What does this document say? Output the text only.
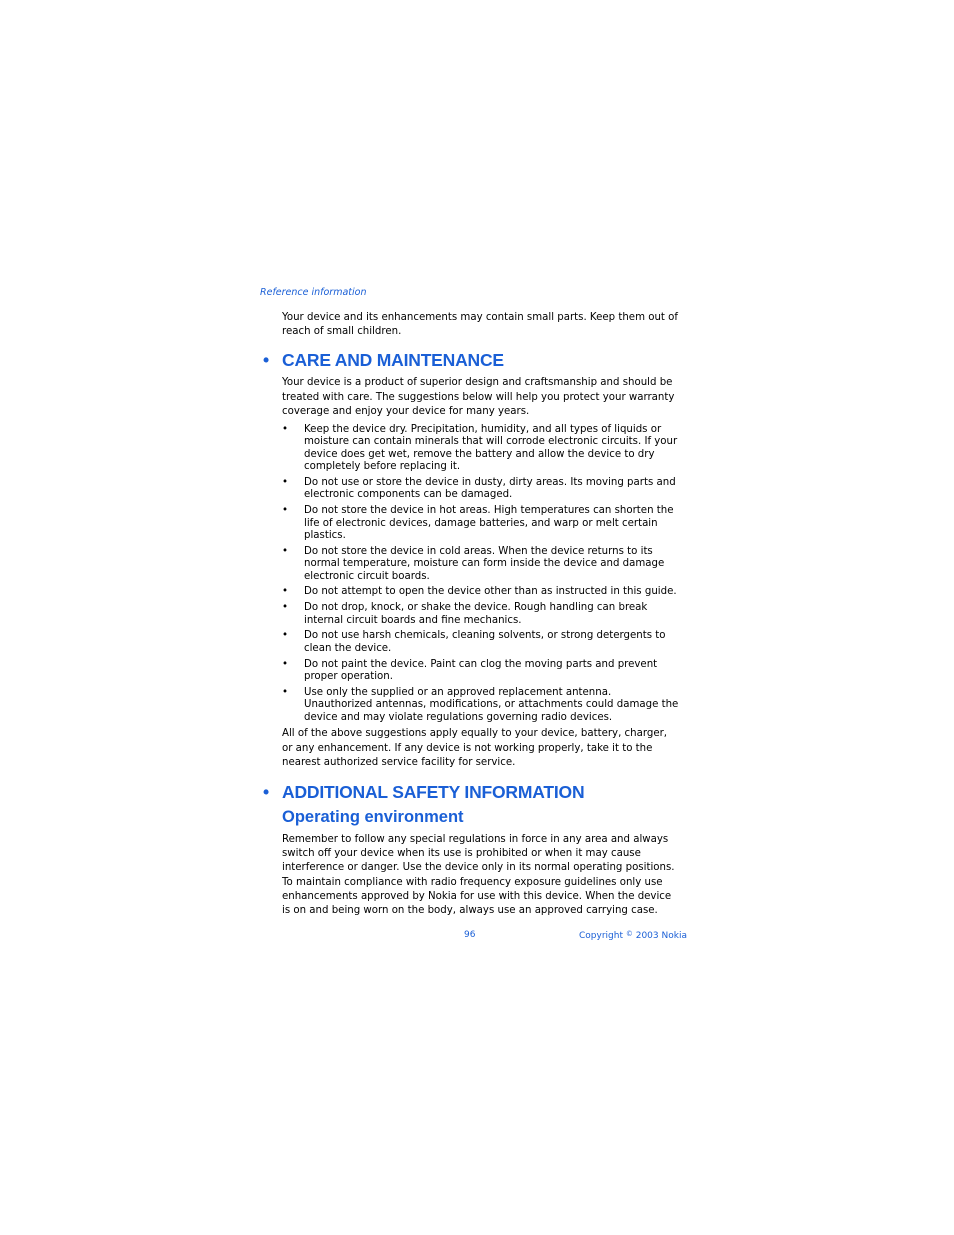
Reference information

Your device and its enhancements may contain small parts. Keep them out of reach of small children.

• CARE AND MAINTENANCE

Your device is a product of superior design and craftsmanship and should be treated with care. The suggestions below will help you protect your warranty coverage and enjoy your device for many years.

• Keep the device dry. Precipitation, humidity, and all types of liquids or moisture can contain minerals that will corrode electronic circuits. If your device does get wet, remove the battery and allow the device to dry completely before replacing it.
• Do not use or store the device in dusty, dirty areas. Its moving parts and electronic components can be damaged.
• Do not store the device in hot areas. High temperatures can shorten the life of electronic devices, damage batteries, and warp or melt certain plastics.
• Do not store the device in cold areas. When the device returns to its normal temperature, moisture can form inside the device and damage electronic circuit boards.
• Do not attempt to open the device other than as instructed in this guide.
• Do not drop, knock, or shake the device. Rough handling can break internal circuit boards and fine mechanics.
• Do not use harsh chemicals, cleaning solvents, or strong detergents to clean the device.
• Do not paint the device. Paint can clog the moving parts and prevent proper operation.
• Use only the supplied or an approved replacement antenna. Unauthorized antennas, modifications, or attachments could damage the device and may violate regulations governing radio devices.

All of the above suggestions apply equally to your device, battery, charger, or any enhancement. If any device is not working properly, take it to the nearest authorized service facility for service.

• ADDITIONAL SAFETY INFORMATION
Operating environment

Remember to follow any special regulations in force in any area and always switch off your device when its use is prohibited or when it may cause interference or danger. Use the device only in its normal operating positions. To maintain compliance with radio frequency exposure guidelines only use enhancements approved by Nokia for use with this device. When the device is on and being worn on the body, always use an approved carrying case.

96	Copyright © 2003 Nokia
